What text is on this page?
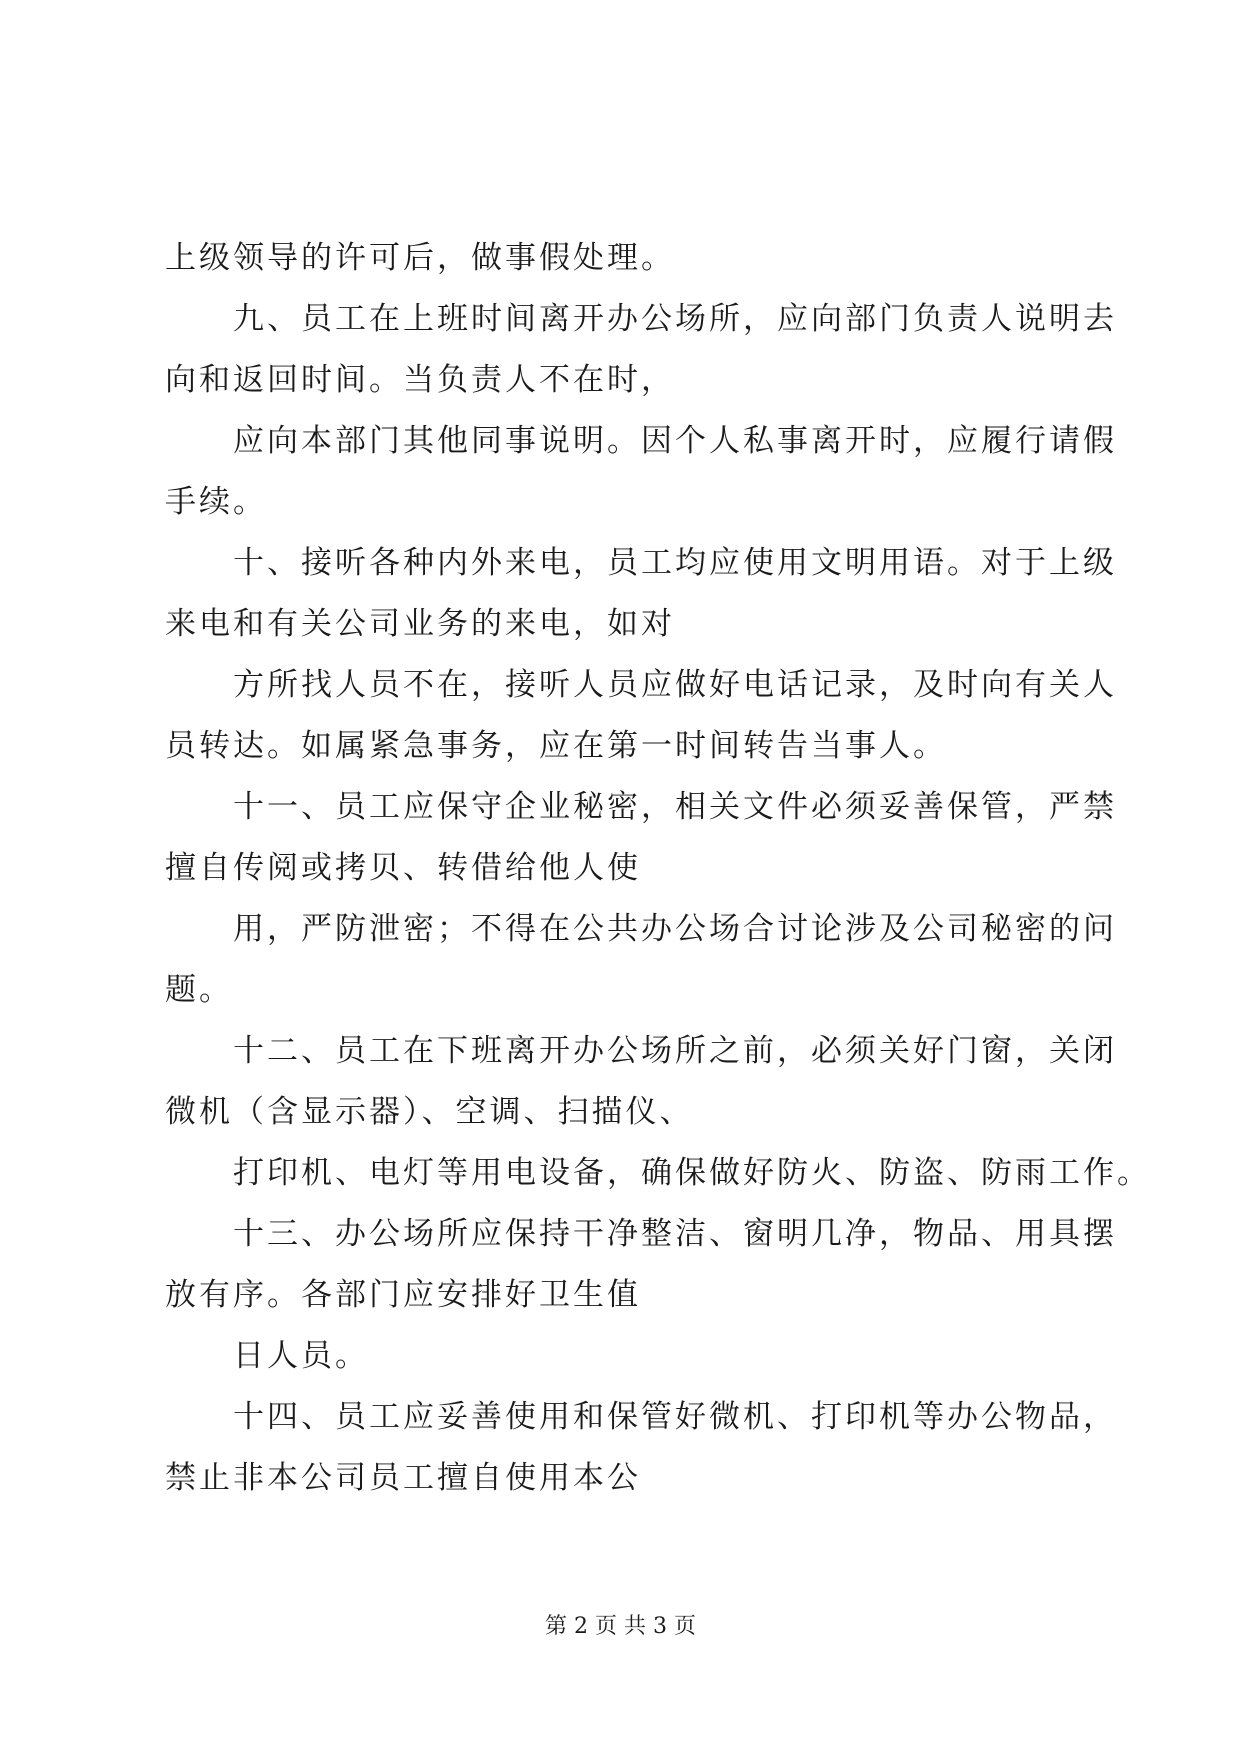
上级领导的许可后，做事假处理。

九、员工在上班时间离开办公场所，应向部门负责人说明去

向和返回时间。当负责人不在时，

应向本部门其他同事说明。因个人私事离开时，应履行请假

手续。

十、接听各种内外来电，员工均应使用文明用语。对于上级

来电和有关公司业务的来电，如对

方所找人员不在，接听人员应做好电话记录，及时向有关人

员转达。如属紧急事务，应在第一时间转告当事人。

十一、员工应保守企业秘密，相关文件必须妥善保管，严禁

擅自传阅或拷贝、转借给他人使

用，严防泄密；不得在公共办公场合讨论涉及公司秘密的问

题。

十二、员工在下班离开办公场所之前，必须关好门窗，关闭

微机（含显示器）、空调、扫描仪、

打印机、电灯等用电设备，确保做好防火、防盗、防雨工作。

十三、办公场所应保持干净整洁、窗明几净，物品、用具摆

放有序。各部门应安排好卫生值

日人员。

十四、员工应妥善使用和保管好微机、打印机等办公物品，

禁止非本公司员工擅自使用本公

第 2 页 共 3 页
